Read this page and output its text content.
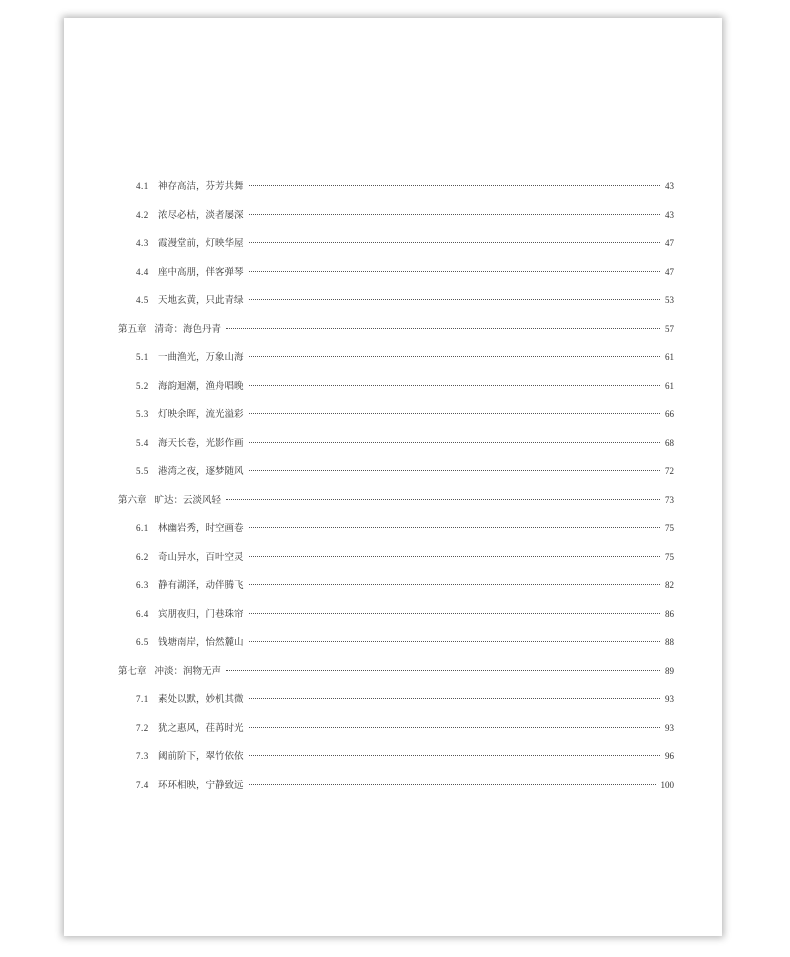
4.1 神存高洁，芬芳共舞	43
4.2 浓尽必枯，淡者屡深	43
4.3 霞漫堂前，灯映华屋	47
4.4 座中高朋，伴客弹琴	47
4.5 天地玄黄，只此青绿	53
第五章 清奇：海色丹青	57
5.1 一曲渔光，万象山海	61
5.2 海韵迴潮，渔舟唱晚	61
5.3 灯映余晖，流光溢彩	66
5.4 海天长卷，光影作画	68
5.5 港湾之夜，逐梦随风	72
第六章 旷达：云淡风轻	73
6.1 林幽岩秀，时空画卷	75
6.2 奇山异水，百叶空灵	75
6.3 静有湖泽，动伴腾飞	82
6.4 宾朋夜归，门巷珠帘	86
6.5 钱塘南岸，怡然麓山	88
第七章 冲淡：润物无声	89
7.1 素处以默，妙机其微	93
7.2 犹之惠风，荏苒时光	93
7.3 阈前阶下，翠竹依依	96
7.4 环环相映，宁静致远	100
